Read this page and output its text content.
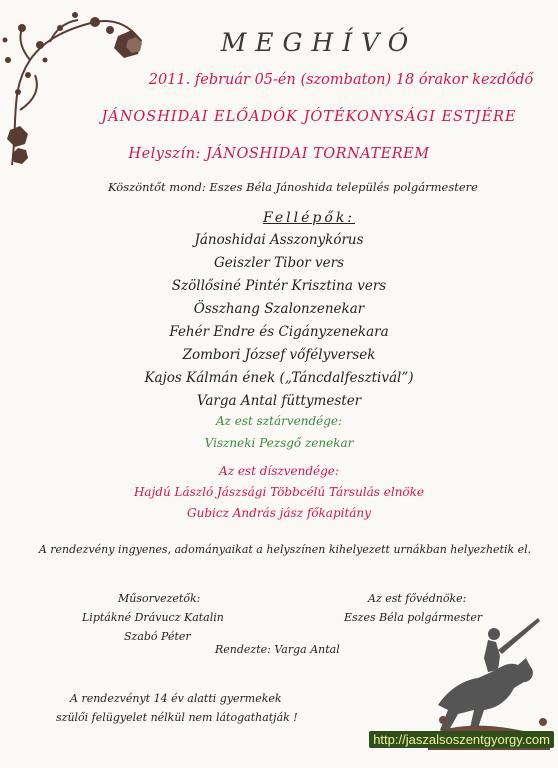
MEGHÍVÓ
2011. február 05-én (szombaton) 18 órakor kezdődő
JÁNOSHIDAI ELŐADÓK JÓTÉKONYSÁGI ESTJÉRE
Helyszín: JÁNOSHIDAI TORNATEREM
Köszöntőt mond: Eszes Béla Jánoshida település polgármestere
Fellépők:
Jánoshidai Asszonykórus
Geiszler Tibor vers
Szöllősiné Pintér Krisztina vers
Összhang Szalonzenekar
Fehér Endre és Cigányzenekara
Zombori József vőfélyversek
Kajos Kálmán ének („Táncdalfesztivál”)
Varga Antal füttymester
Az est sztárvendége:
Viszneki Pezsgő zenekar
Az est díszvendége:
Hajdú László Jászsági Többcélú Társulás elnöke
Gubicz András jász főkapitány
A rendezvény ingyenes, adományaikat a helyszínen kihelyezett urnákban helyezhetik el.
Műsorvezetők:
Liptákné Drávucz Katalin
Szabó Péter
Az est fővédnöke:
Eszes Béla polgármester
Rendezte: Varga Antal
A rendezvényt 14 év alatti gyermekek
szülői felügyelet nélkül nem látogathatják !
http://jaszalsoszentgyorgy.com
